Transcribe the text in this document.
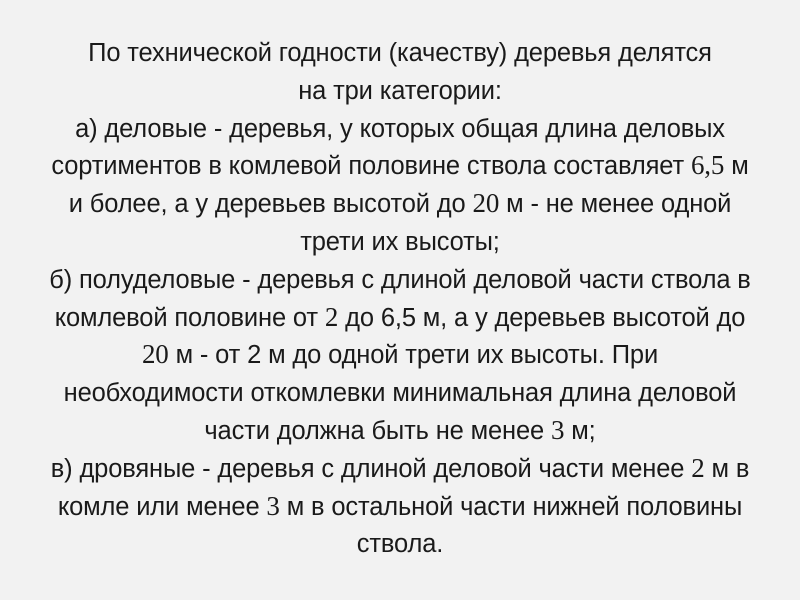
По технической годности (качеству) деревья делятся
на три категории:
а) деловые - деревья, у которых общая длина деловых
сортиментов в комлевой половине ствола составляет 6,5 м
и более, а у деревьев высотой до 20 м - не менее одной
трети их высоты;
б) полуделовые - деревья с длиной деловой части ствола в
комлевой половине от 2 до 6,5 м, а у деревьев высотой до
20 м - от 2 м до одной трети их высоты. При
необходимости откомлевки минимальная длина деловой
части должна быть не менее 3 м;
в) дровяные - деревья с длиной деловой части менее 2 м в
комле или менее 3 м в остальной части нижней половины
ствола.
